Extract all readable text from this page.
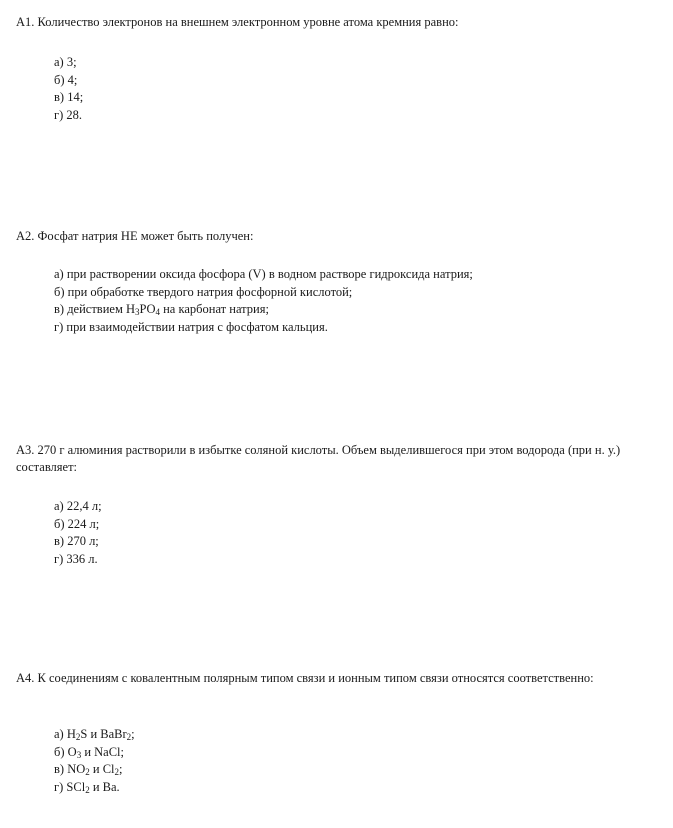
А1. Количество электронов на внешнем электронном уровне атома кремния равно:

а) 3;
б) 4;
в) 14;
г) 28.

А2. Фосфат натрия НЕ может быть получен:

а) при растворении оксида фосфора (V) в водном растворе гидроксида натрия;
б) при обработке твердого натрия фосфорной кислотой;
в) действием $H_3PO_4$ на карбонат натрия;
г) при взаимодействии натрия с фосфатом кальция.

А3. 270 г алюминия растворили в избытке соляной кислоты. Объем выделившегося при этом водорода (при н. у.) составляет:

а) 22,4 л;
б) 224 л;
в) 270 л;
г) 336 л.

А4. К соединениям с ковалентным полярным типом связи и ионным типом связи относятся соответственно:

а) $H_2S$ и BaBr$_2$;
б) $O_3$ и NaCl;
в) $NO_2$ и $Cl_2$;
г) SCl$_2$ и Ba.
